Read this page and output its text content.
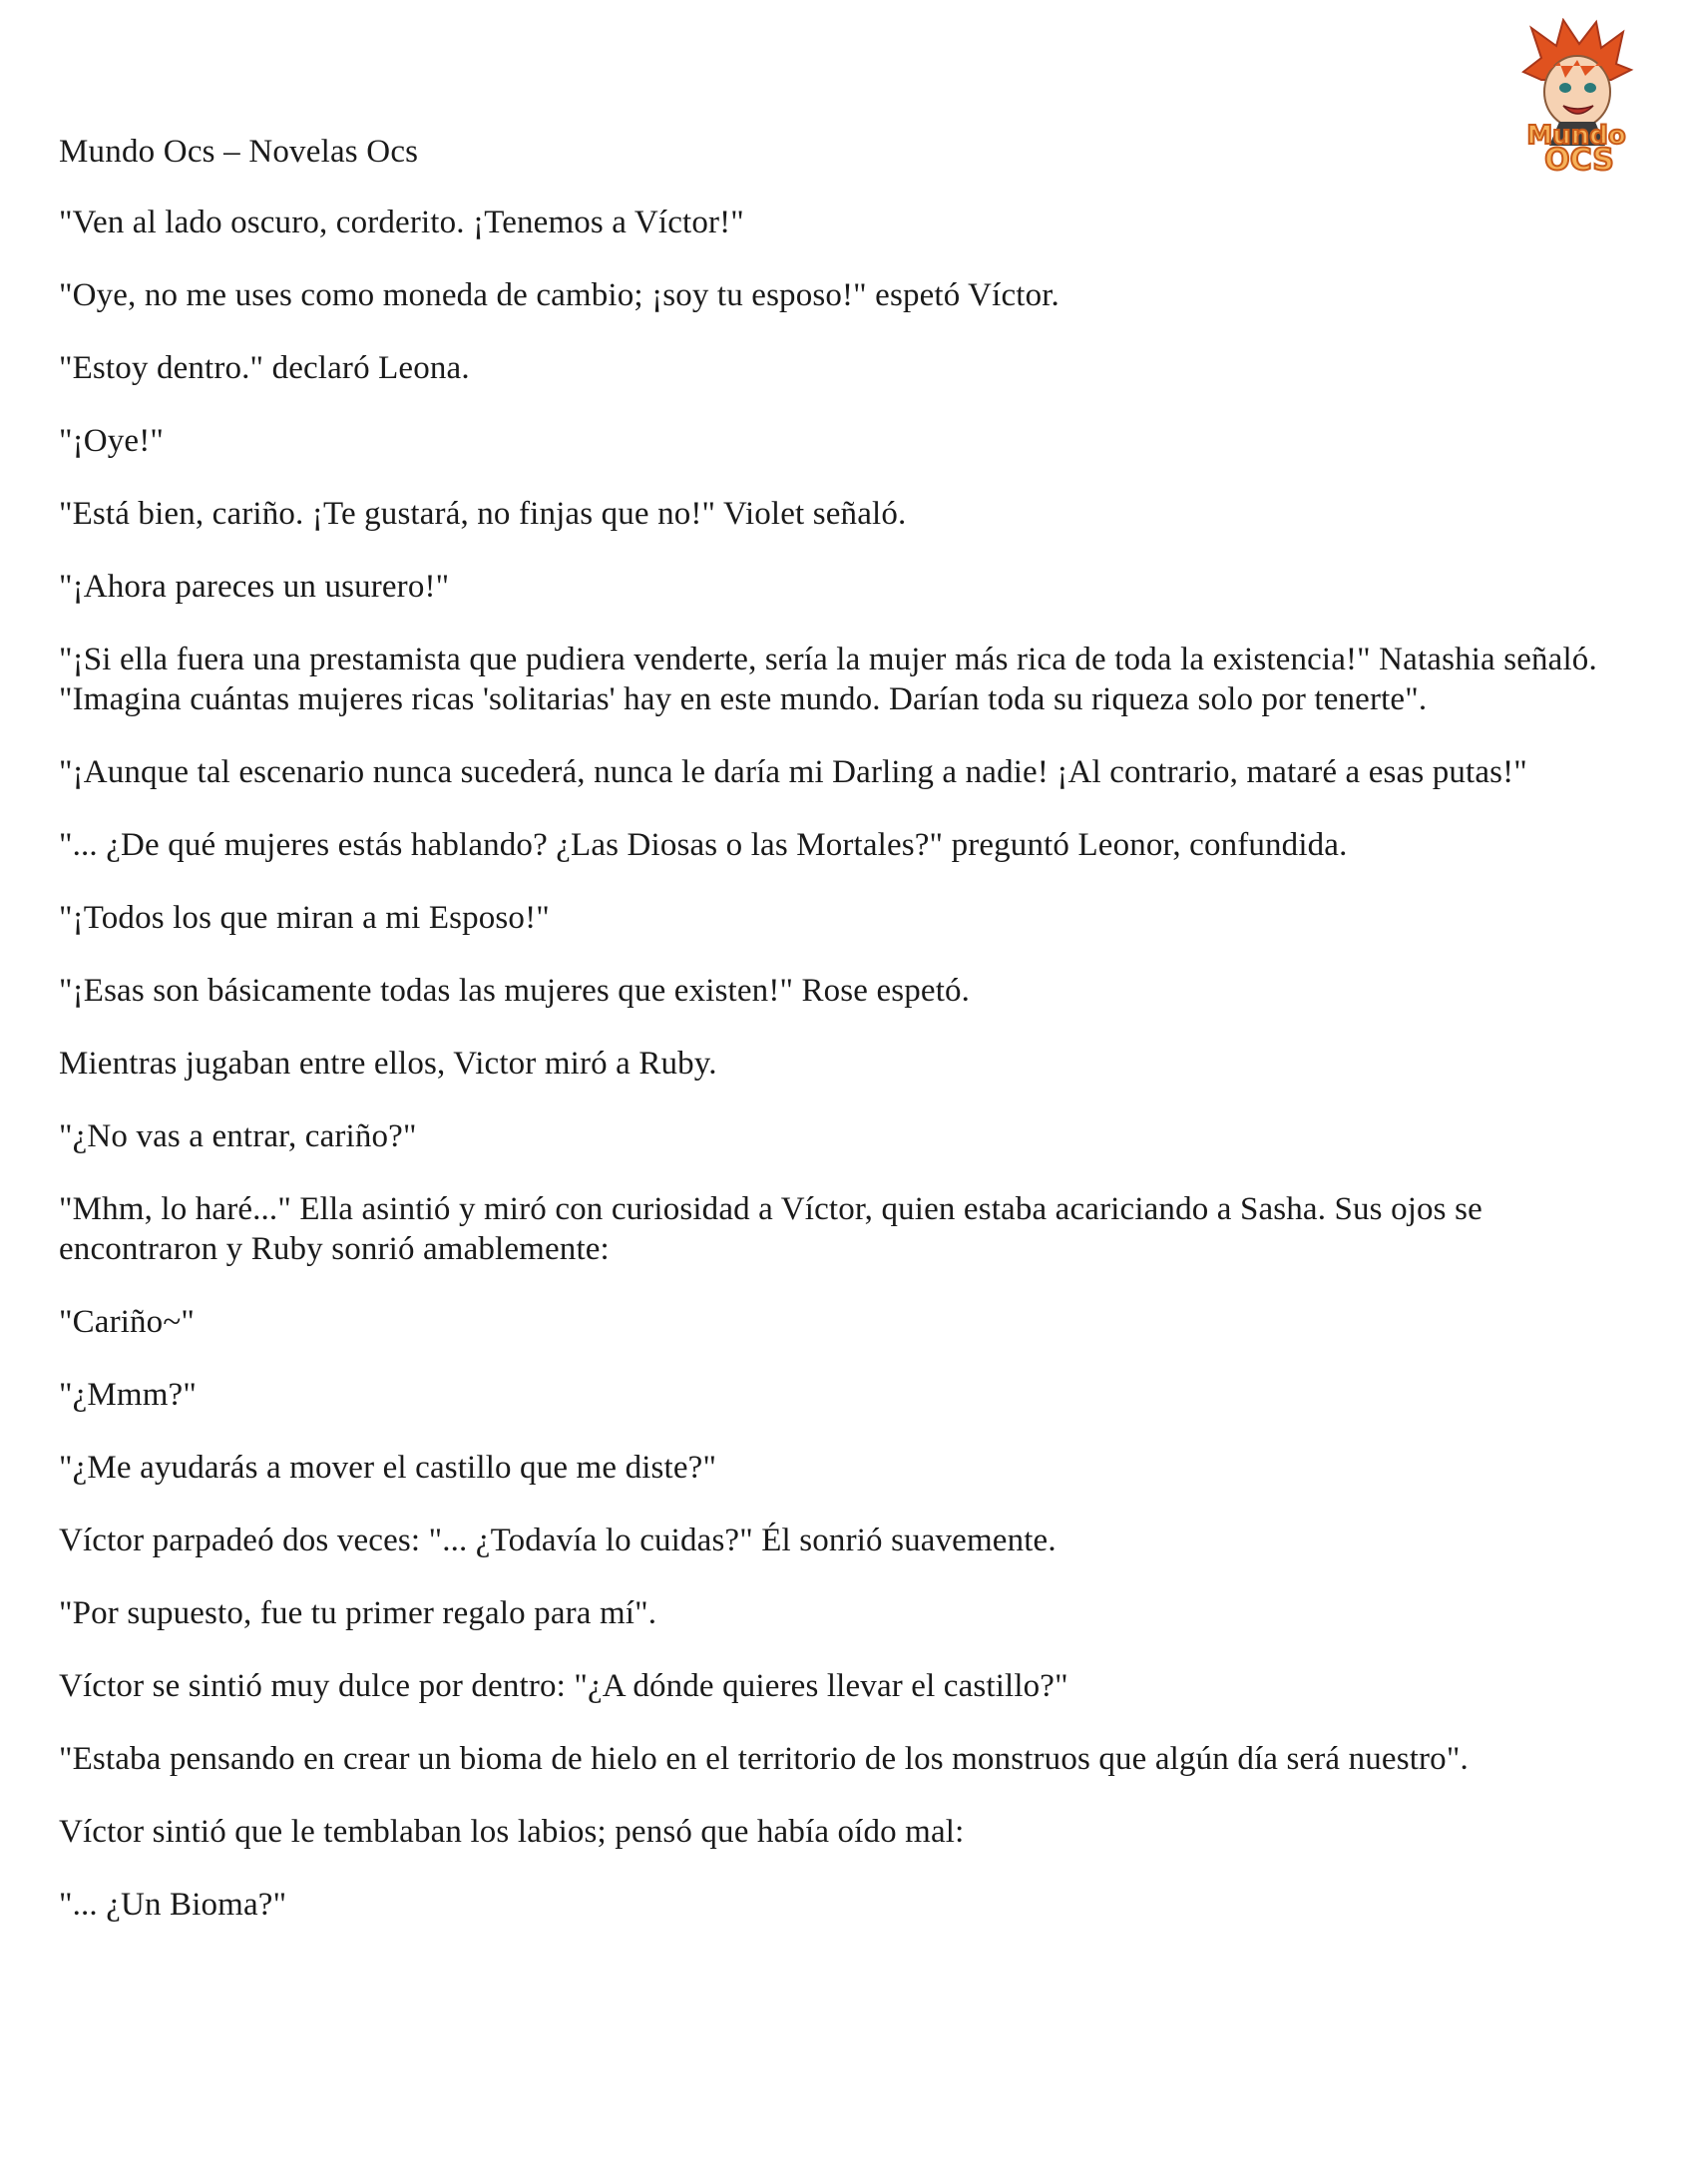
Mundo Ocs – Novelas Ocs	Mundo
OCS

"Ven al lado oscuro, corderito. ¡Tenemos a Víctor!"

"Oye, no me uses como moneda de cambio; ¡soy tu esposo!" espetó Víctor.

"Estoy dentro." declaró Leona.

"¡Oye!"

"Está bien, cariño. ¡Te gustará, no finjas que no!" Violet señaló.

"¡Ahora pareces un usurero!"

"¡Si ella fuera una prestamista que pudiera venderte, sería la mujer más rica de toda la existencia!" Natashia señaló. "Imagina cuántas mujeres ricas 'solitarias' hay en este mundo. Darían toda su riqueza solo por tenerte".

"¡Aunque tal escenario nunca sucederá, nunca le daría mi Darling a nadie! ¡Al contrario, mataré a esas putas!"

"... ¿De qué mujeres estás hablando? ¿Las Diosas o las Mortales?" preguntó Leonor, confundida.

"¡Todos los que miran a mi Esposo!"

"¡Esas son básicamente todas las mujeres que existen!" Rose espetó.

Mientras jugaban entre ellos, Victor miró a Ruby.

"¿No vas a entrar, cariño?"

"Mhm, lo haré..." Ella asintió y miró con curiosidad a Víctor, quien estaba acariciando a Sasha. Sus ojos se encontraron y Ruby sonrió amablemente:

"Cariño~"

"¿Mmm?"

"¿Me ayudarás a mover el castillo que me diste?"

Víctor parpadeó dos veces: "... ¿Todavía lo cuidas?" Él sonrió suavemente.

"Por supuesto, fue tu primer regalo para mí".

Víctor se sintió muy dulce por dentro: "¿A dónde quieres llevar el castillo?"

"Estaba pensando en crear un bioma de hielo en el territorio de los monstruos que algún día será nuestro".

Víctor sintió que le temblaban los labios; pensó que había oído mal:

"... ¿Un Bioma?"
